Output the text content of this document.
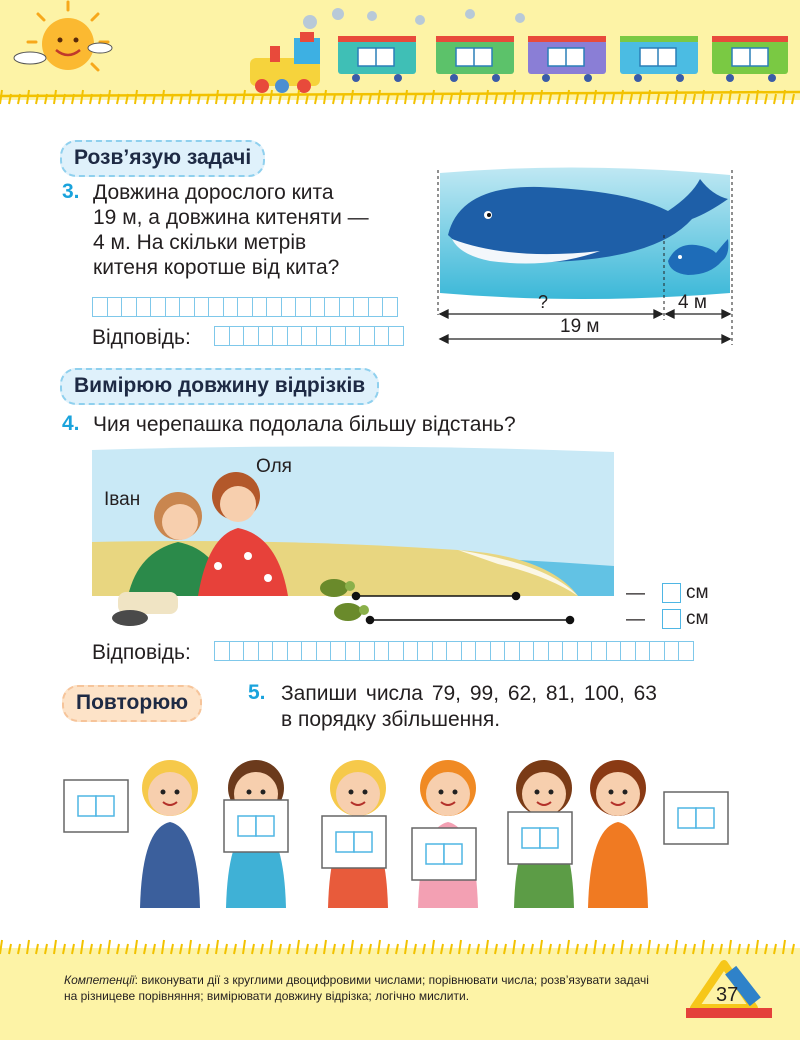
Розв’язую задачі
3. Довжина дорослого кита
19 м, а довжина китеняти —
4 м. На скільки метрів
китеня коротше від кита?
Відповідь:
?	4 м
19 м
Вимірюю довжину відрізків
4. Чия черепашка подолала більшу відстань?
Оля
Іван
— см
— см
Відповідь:
Повторюю	5. Запиши числа 79, 99, 62, 81, 100, 63
в порядку збільшення.
Компетенції: виконувати дії з круглими двоцифровими числами; порівнювати числа; розв’язувати задачі на різницеве порівняння; вимірювати довжину відрізка; логічно мислити.	37
